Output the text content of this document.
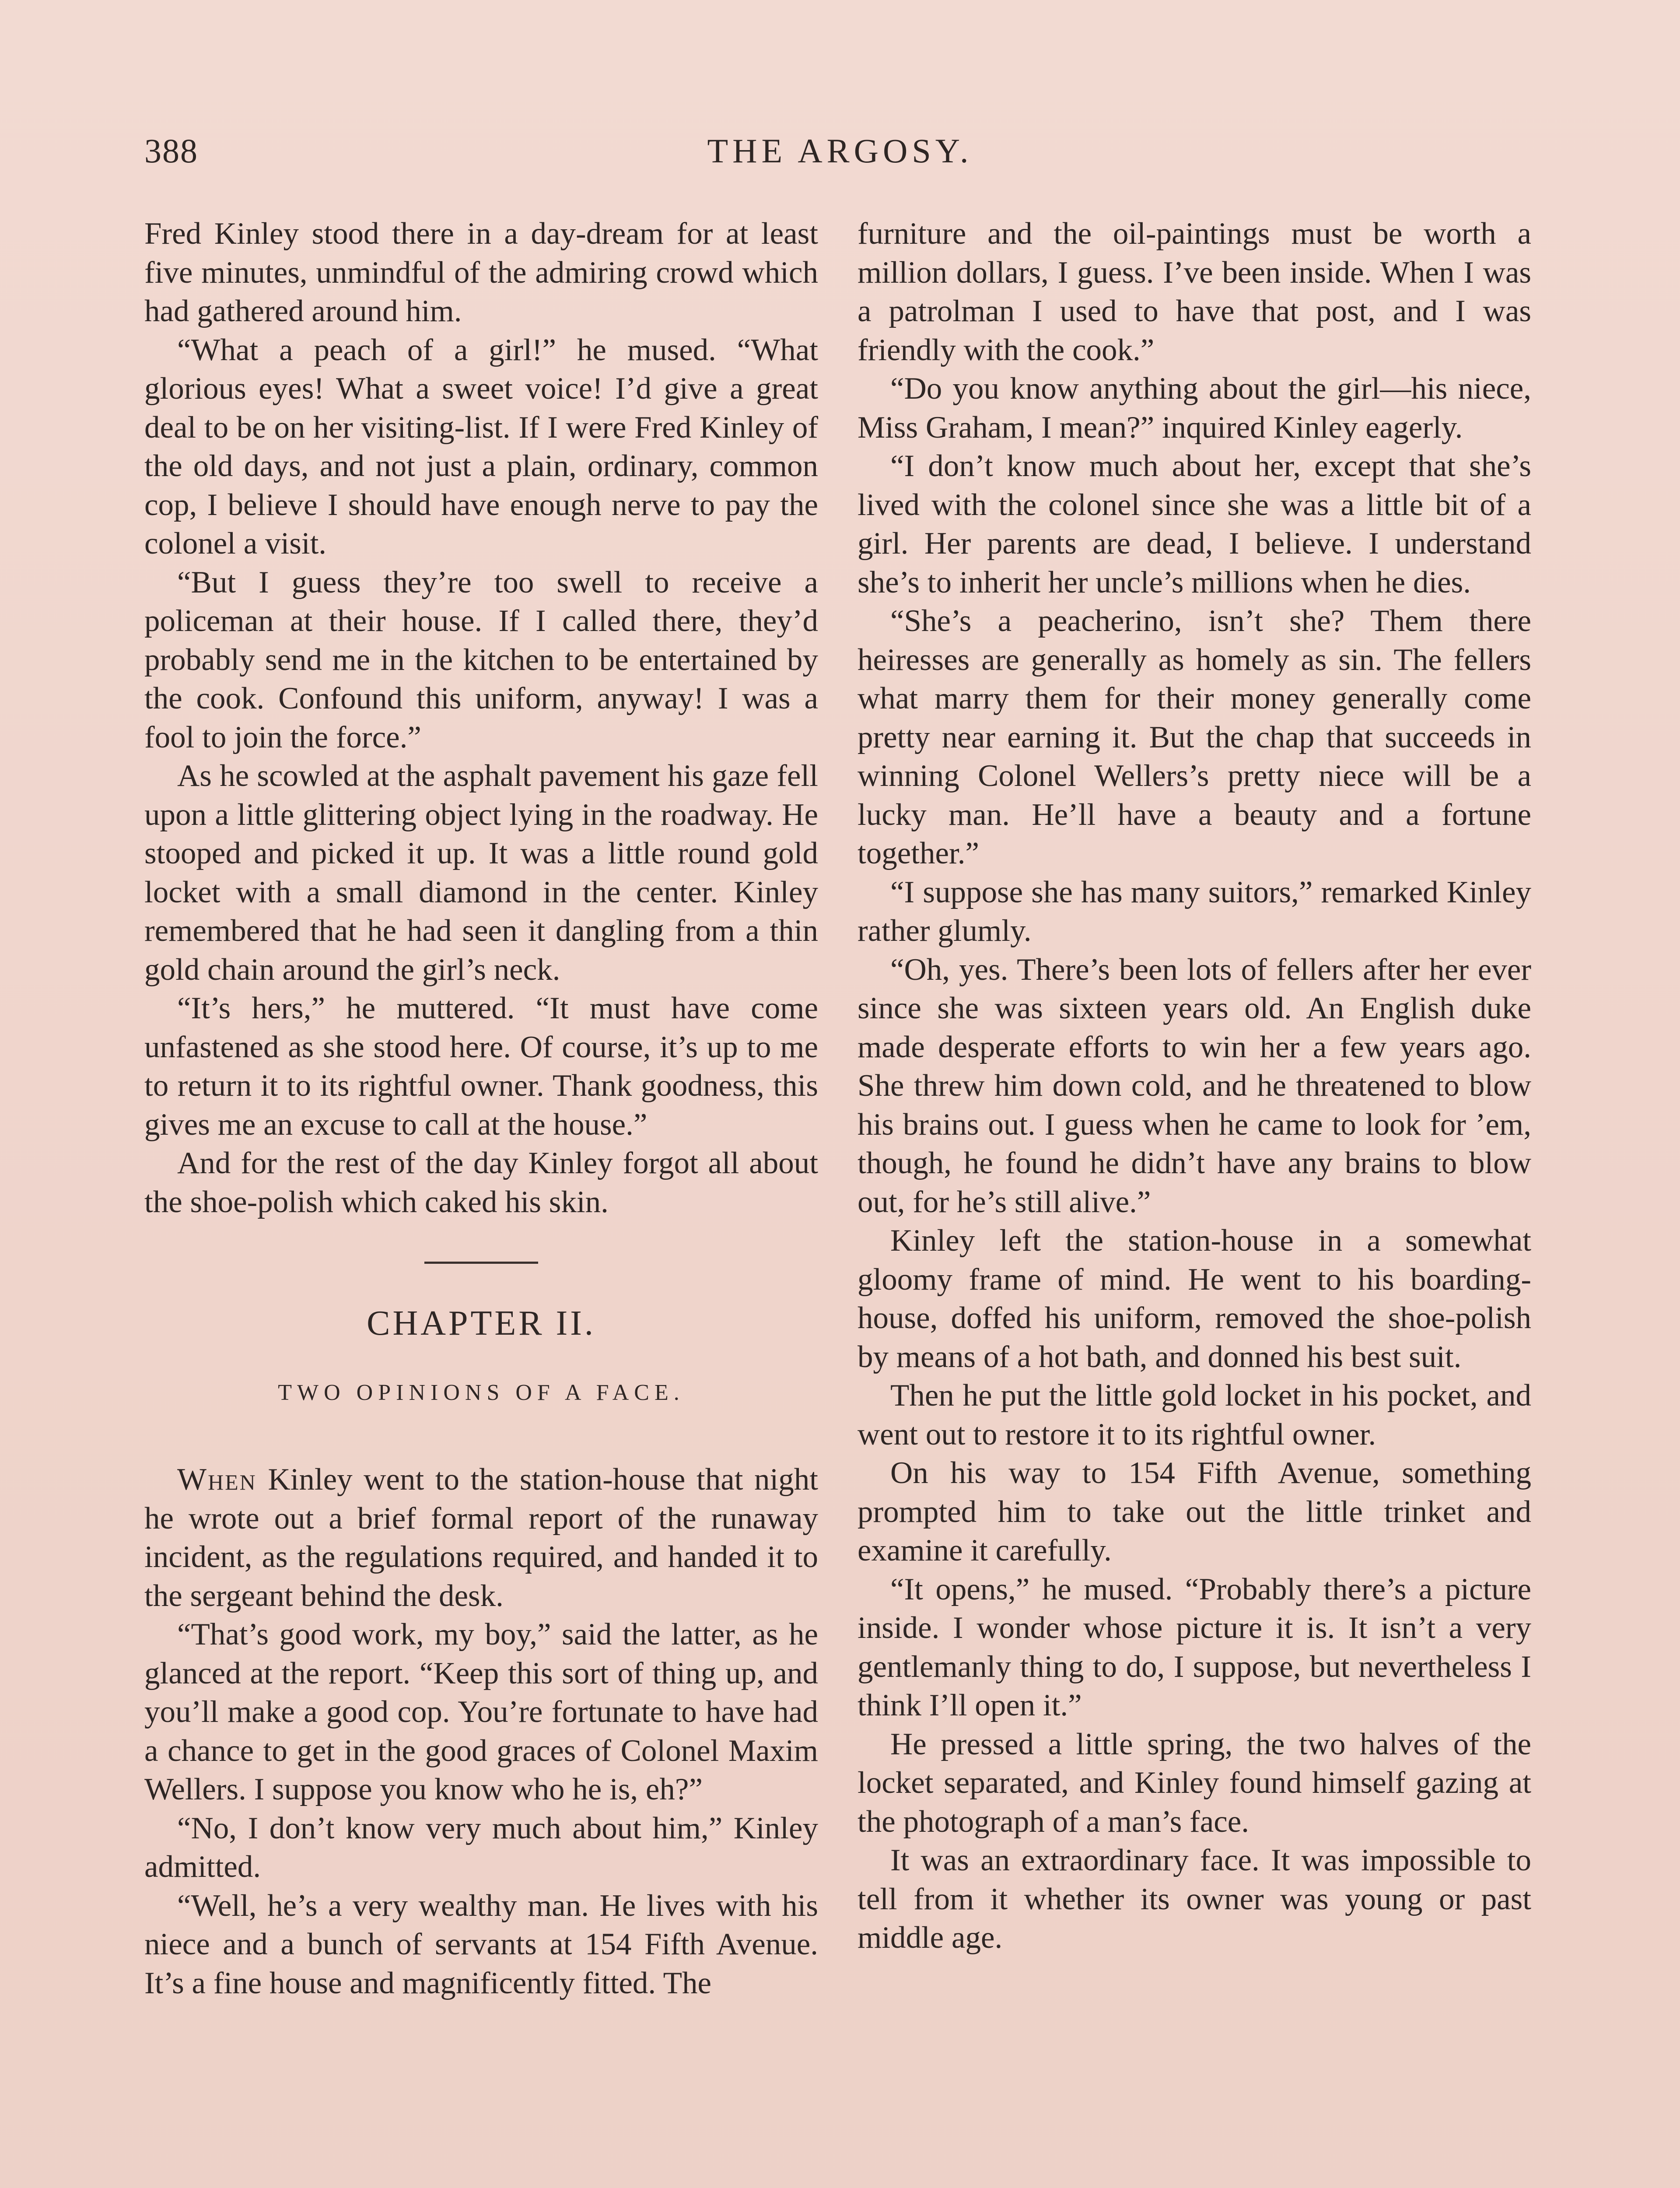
388	THE ARGOSY.

Fred Kinley stood there in a day-dream for at least five minutes, unmindful of the admiring crowd which had gathered around him.

“What a peach of a girl!” he mused. “What glorious eyes! What a sweet voice! I’d give a great deal to be on her visiting-list. If I were Fred Kinley of the old days, and not just a plain, ordinary, common cop, I believe I should have enough nerve to pay the colonel a visit.

“But I guess they’re too swell to receive a policeman at their house. If I called there, they’d probably send me in the kitchen to be entertained by the cook. Confound this uniform, anyway! I was a fool to join the force.”

As he scowled at the asphalt pavement his gaze fell upon a little glittering object lying in the roadway. He stooped and picked it up. It was a little round gold locket with a small diamond in the center. Kinley remembered that he had seen it dangling from a thin gold chain around the girl’s neck.

“It’s hers,” he muttered. “It must have come unfastened as she stood here. Of course, it’s up to me to return it to its rightful owner. Thank goodness, this gives me an excuse to call at the house.”

And for the rest of the day Kinley forgot all about the shoe-polish which caked his skin.

CHAPTER II.
TWO OPINIONS OF A FACE.

When Kinley went to the station-house that night he wrote out a brief formal report of the runaway incident, as the regulations required, and handed it to the sergeant behind the desk.

“That’s good work, my boy,” said the latter, as he glanced at the report. “Keep this sort of thing up, and you’ll make a good cop. You’re fortunate to have had a chance to get in the good graces of Colonel Maxim Wellers. I suppose you know who he is, eh?”

“No, I don’t know very much about him,” Kinley admitted.

“Well, he’s a very wealthy man. He lives with his niece and a bunch of servants at 154 Fifth Avenue. It’s a fine house and magnificently fitted. The

furniture and the oil-paintings must be worth a million dollars, I guess. I’ve been inside. When I was a patrolman I used to have that post, and I was friendly with the cook.”

“Do you know anything about the girl—his niece, Miss Graham, I mean?” inquired Kinley eagerly.

“I don’t know much about her, except that she’s lived with the colonel since she was a little bit of a girl. Her parents are dead, I believe. I understand she’s to inherit her uncle’s millions when he dies.

“She’s a peacherino, isn’t she? Them there heiresses are generally as homely as sin. The fellers what marry them for their money generally come pretty near earning it. But the chap that succeeds in winning Colonel Wellers’s pretty niece will be a lucky man. He’ll have a beauty and a fortune together.”

“I suppose she has many suitors,” remarked Kinley rather glumly.

“Oh, yes. There’s been lots of fellers after her ever since she was sixteen years old. An English duke made desperate efforts to win her a few years ago. She threw him down cold, and he threatened to blow his brains out. I guess when he came to look for ’em, though, he found he didn’t have any brains to blow out, for he’s still alive.”

Kinley left the station-house in a somewhat gloomy frame of mind. He went to his boarding-house, doffed his uniform, removed the shoe-polish by means of a hot bath, and donned his best suit.

Then he put the little gold locket in his pocket, and went out to restore it to its rightful owner.

On his way to 154 Fifth Avenue, something prompted him to take out the little trinket and examine it carefully.

“It opens,” he mused. “Probably there’s a picture inside. I wonder whose picture it is. It isn’t a very gentlemanly thing to do, I suppose, but nevertheless I think I’ll open it.”

He pressed a little spring, the two halves of the locket separated, and Kinley found himself gazing at the photograph of a man’s face.

It was an extraordinary face. It was impossible to tell from it whether its owner was young or past middle age.
